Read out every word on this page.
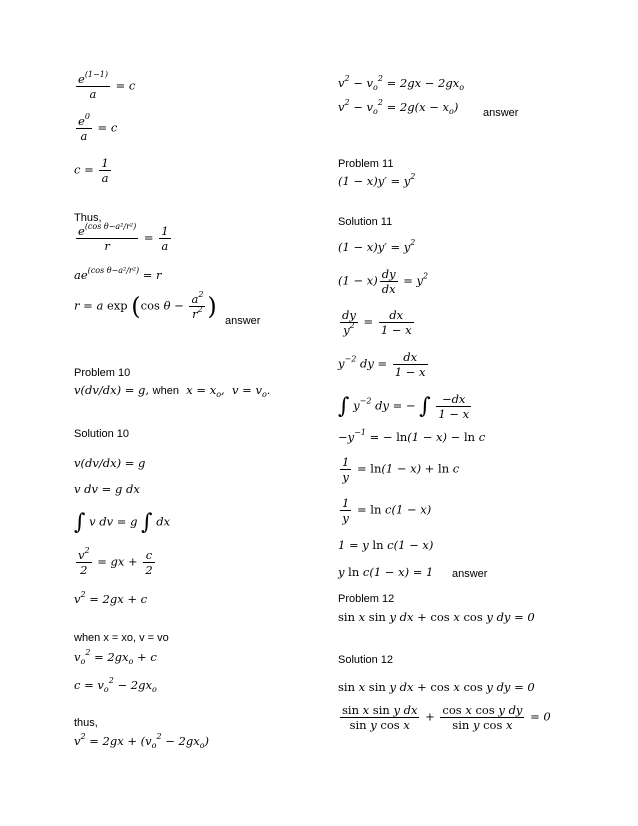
$\frac{e^{(1-1)}}{a} = c$
$\frac{e^0}{a} = c$
$c = \frac{1}{a}$
Thus,
$\frac{e^{(cos \theta-a^2/r^2)}}{r} = \frac{1}{a}$
$ae^{(cos \theta-a^2/r^2)} = r$
r = a exp (cos $\theta - \frac{a^2}{r^2}$ )
answer
Problem 10
v(dv/dx) = g, when  $x = x_o$,  $v = v_o$.
Solution 10
v(dv/dx) = g
v dv = g dx
∫ v dv = g ∫ dx
$\frac{v^2}{2}$ = gx + $\frac{c}{2}$
$v^2 = 2gx + c$
when x = xo, v = vo
$v_o^2 = 2gx_o + c$
$c = v_o^2 - 2gx_o$
thus,
$v^2 = 2gx + (v_o^2 - 2gx_o)$
$v^2 - v_o^2 = 2gx - 2gx_o$
$v^2 - v_o^2 = 2g(x - x_o)$ answer
Problem 11
$(1 - x)y' = y^2$
Solution 11
$(1 - x)y' = y^2$
$(1 - x) \frac{dy}{dx} = y^2$
$\frac{dy}{y^2} = \frac{dx}{1 - x}$
$y^{-2}$ dy = $\frac{dx}{1 - x}$
∫ $y^{-2}$ dy = − ∫ $\frac{-dx}{1 - x}$
$-y^{-1}$ = − ln(1 − x) − ln c
$\frac{1}{y} = \ln(1 - x) + \ln c$
$\frac{1}{y} = \ln c(1 - x)$
1 = y ln c(1 − x)
y ln c(1 − x) = 1 answer
Problem 12
sin x sin y dx + cos x cos y dy = 0
Solution 12
sin x sin y dx + cos x cos y dy = 0
$\frac{\text{sin x sin y dx}}{\text{sin y cos x}} + \frac{\text{cos x cos y dy}}{\text{sin y cos x}} = 0$
